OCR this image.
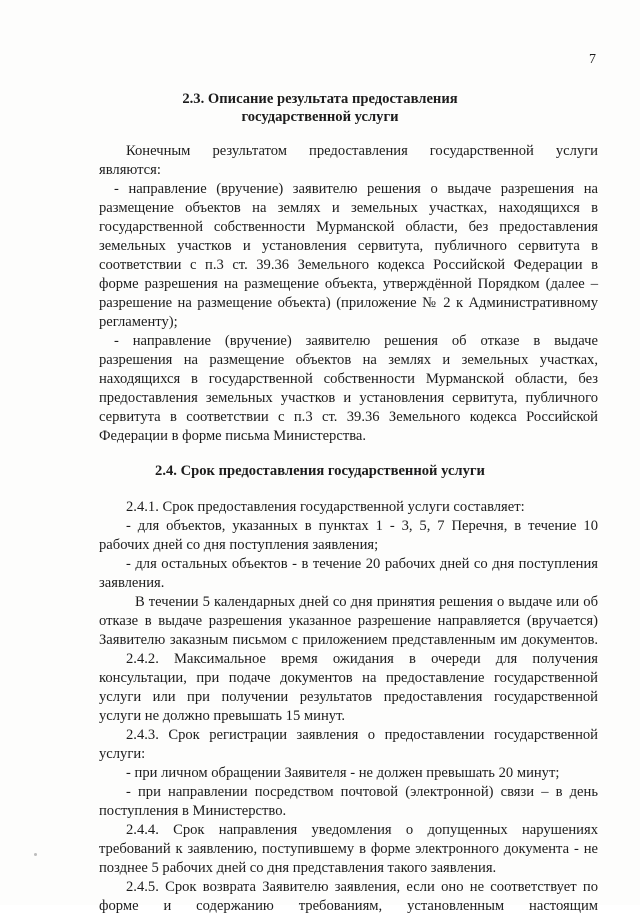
7
2.3. Описание результата предоставления
государственной услуги
Конечным результатом предоставления государственной услуги
являются:
- направление (вручение) заявителю решения о выдаче разрешения на
размещение объектов на землях и земельных участках, находящихся в
государственной собственности Мурманской области, без предоставления
земельных участков и установления сервитута, публичного сервитута в
соответствии с п.3 ст. 39.36 Земельного кодекса Российской Федерации в
форме разрешения на размещение объекта, утверждённой Порядком (далее –
разрешение на размещение объекта) (приложение № 2 к Административному
регламенту);
- направление (вручение) заявителю решения об отказе в выдаче
разрешения на размещение объектов на землях и земельных участках,
находящихся в государственной собственности Мурманской области, без
предоставления земельных участков и установления сервитута, публичного
сервитута в соответствии с п.3 ст. 39.36 Земельного кодекса Российской
Федерации в форме письма Министерства.
2.4. Срок предоставления государственной услуги
2.4.1. Срок предоставления государственной услуги составляет:
- для объектов, указанных в пунктах 1 - 3, 5, 7 Перечня, в течение 10
рабочих дней со дня поступления заявления;
- для остальных объектов - в течение 20 рабочих дней со дня поступления
заявления.
В течении 5 календарных дней со дня принятия решения о выдаче или об
отказе в выдаче разрешения указанное разрешение направляется (вручается)
Заявителю заказным письмом с приложением представленным им документов.
2.4.2. Максимальное время ожидания в очереди для получения
консультации, при подаче документов на предоставление государственной
услуги или при получении результатов предоставления государственной
услуги не должно превышать 15 минут.
2.4.3. Срок регистрации заявления о предоставлении государственной
услуги:
- при личном обращении Заявителя - не должен превышать 20 минут;
- при направлении посредством почтовой (электронной) связи – в день
поступления в Министерство.
2.4.4. Срок направления уведомления о допущенных нарушениях
требований к заявлению, поступившему в форме электронного документа - не
позднее 5 рабочих дней со дня представления такого заявления.
2.4.5. Срок возврата Заявителю заявления, если оно не соответствует по
форме и содержанию требованиям, установленным настоящим
